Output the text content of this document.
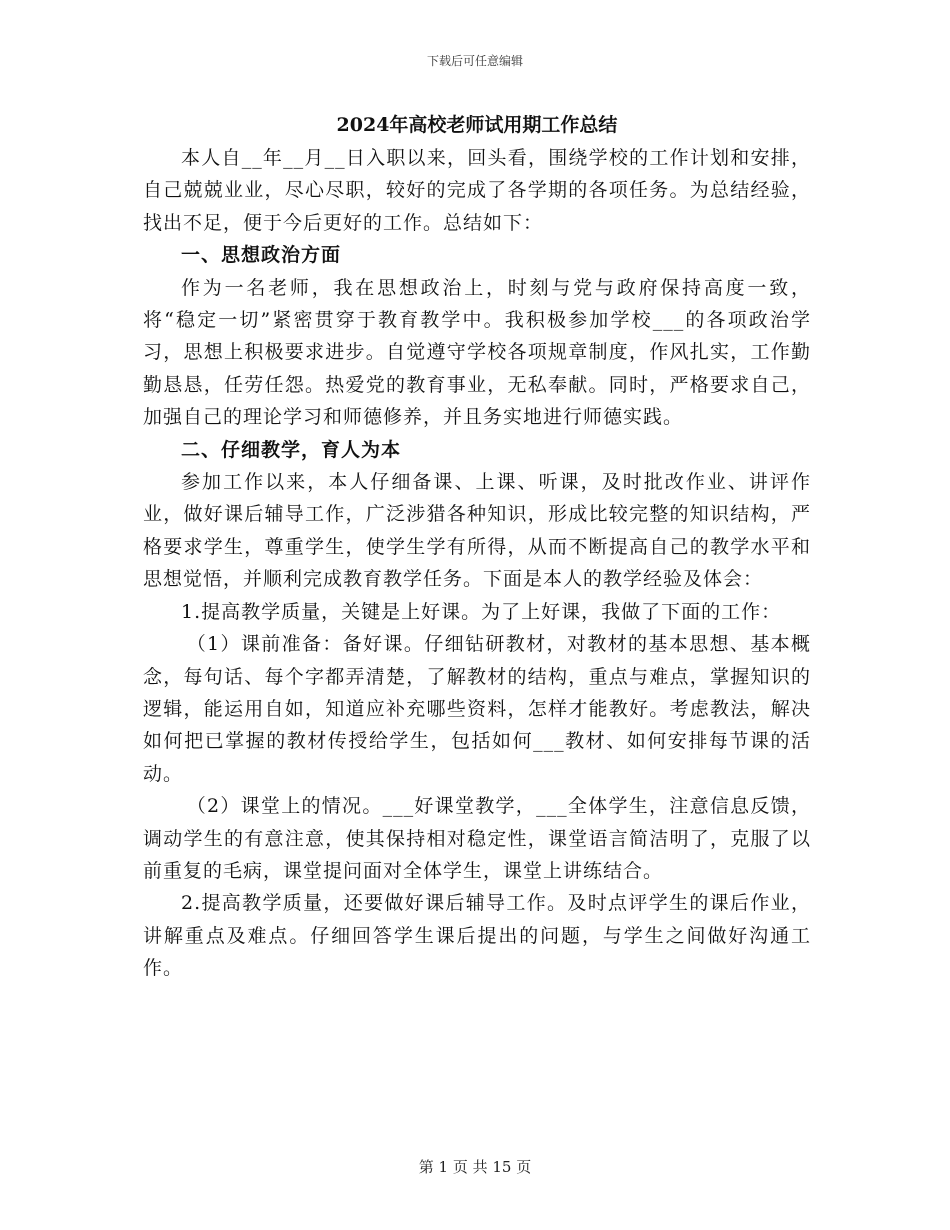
下载后可任意编辑
2024年高校老师试用期工作总结

本人自__年__月__日入职以来，回头看，围绕学校的工作计划和安排，自己兢兢业业，尽心尽职，较好的完成了各学期的各项任务。为总结经验，找出不足，便于今后更好的工作。总结如下：

一、思想政治方面

作为一名老师，我在思想政治上，时刻与党与政府保持高度一致，将“稳定一切”紧密贯穿于教育教学中。我积极参加学校___的各项政治学习，思想上积极要求进步。自觉遵守学校各项规章制度，作风扎实，工作勤勤恳恳，任劳任怨。热爱党的教育事业，无私奉献。同时，严格要求自己，加强自己的理论学习和师德修养，并且务实地进行师德实践。

二、仔细教学，育人为本

参加工作以来，本人仔细备课、上课、听课，及时批改作业、讲评作业，做好课后辅导工作，广泛涉猎各种知识，形成比较完整的知识结构，严格要求学生，尊重学生，使学生学有所得，从而不断提高自己的教学水平和思想觉悟，并顺利完成教育教学任务。下面是本人的教学经验及体会：

1.提高教学质量，关键是上好课。为了上好课，我做了下面的工作：

（1）课前准备：备好课。仔细钻研教材，对教材的基本思想、基本概念，每句话、每个字都弄清楚，了解教材的结构，重点与难点，掌握知识的逻辑，能运用自如，知道应补充哪些资料，怎样才能教好。考虑教法，解决如何把已掌握的教材传授给学生，包括如何___教材、如何安排每节课的活动。

（2）课堂上的情况。___好课堂教学，___全体学生，注意信息反馈，调动学生的有意注意，使其保持相对稳定性，课堂语言简洁明了，克服了以前重复的毛病，课堂提问面对全体学生，课堂上讲练结合。

2.提高教学质量，还要做好课后辅导工作。及时点评学生的课后作业，讲解重点及难点。仔细回答学生课后提出的问题，与学生之间做好沟通工作。

第 1 页 共 15 页
